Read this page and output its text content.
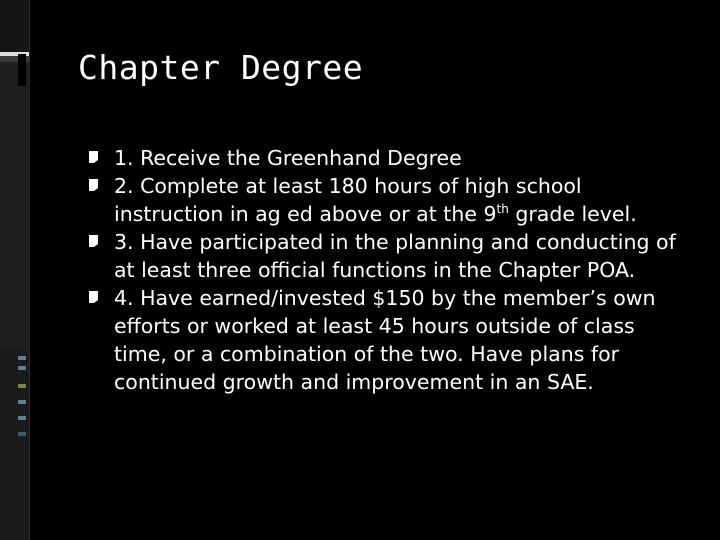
Chapter Degree
1. Receive the Greenhand Degree
2. Complete at least 180 hours of high school instruction in ag ed above or at the 9th grade level.
3. Have participated in the planning and conducting of at least three official functions in the Chapter POA.
4. Have earned/invested $150 by the member’s own efforts or worked at least 45 hours outside of class time, or a combination of the two. Have plans for continued growth and improvement in an SAE.
